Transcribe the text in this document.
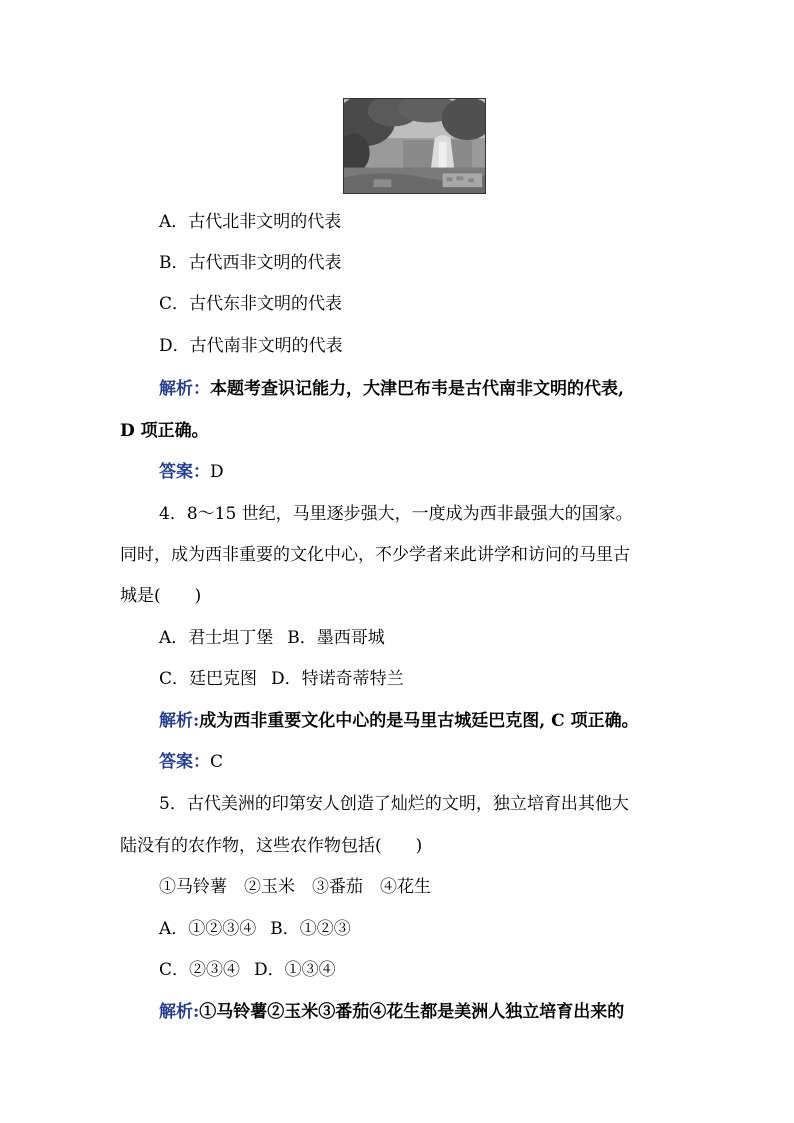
A．古代北非文明的代表
B．古代西非文明的代表
C．古代东非文明的代表
D．古代南非文明的代表
解析：本题考查识记能力，大津巴布韦是古代南非文明的代表,
D 项正确。
答案：D
4．8～15 世纪，马里逐步强大，一度成为西非最强大的国家。
同时，成为西非重要的文化中心，不少学者来此讲学和访问的马里古
城是(　　)
A．君士坦丁堡 B．墨西哥城
C．廷巴克图 D．特诺奇蒂特兰
解析:成为西非重要文化中心的是马里古城廷巴克图, C 项正确。
答案：C
5．古代美洲的印第安人创造了灿烂的文明，独立培育出其他大
陆没有的农作物，这些农作物包括(　　)
①马铃薯　②玉米　③番茄　④花生
A．①②③④ B．①②③
C．②③④ D．①③④
解析:①马铃薯②玉米③番茄④花生都是美洲人独立培育出来的
